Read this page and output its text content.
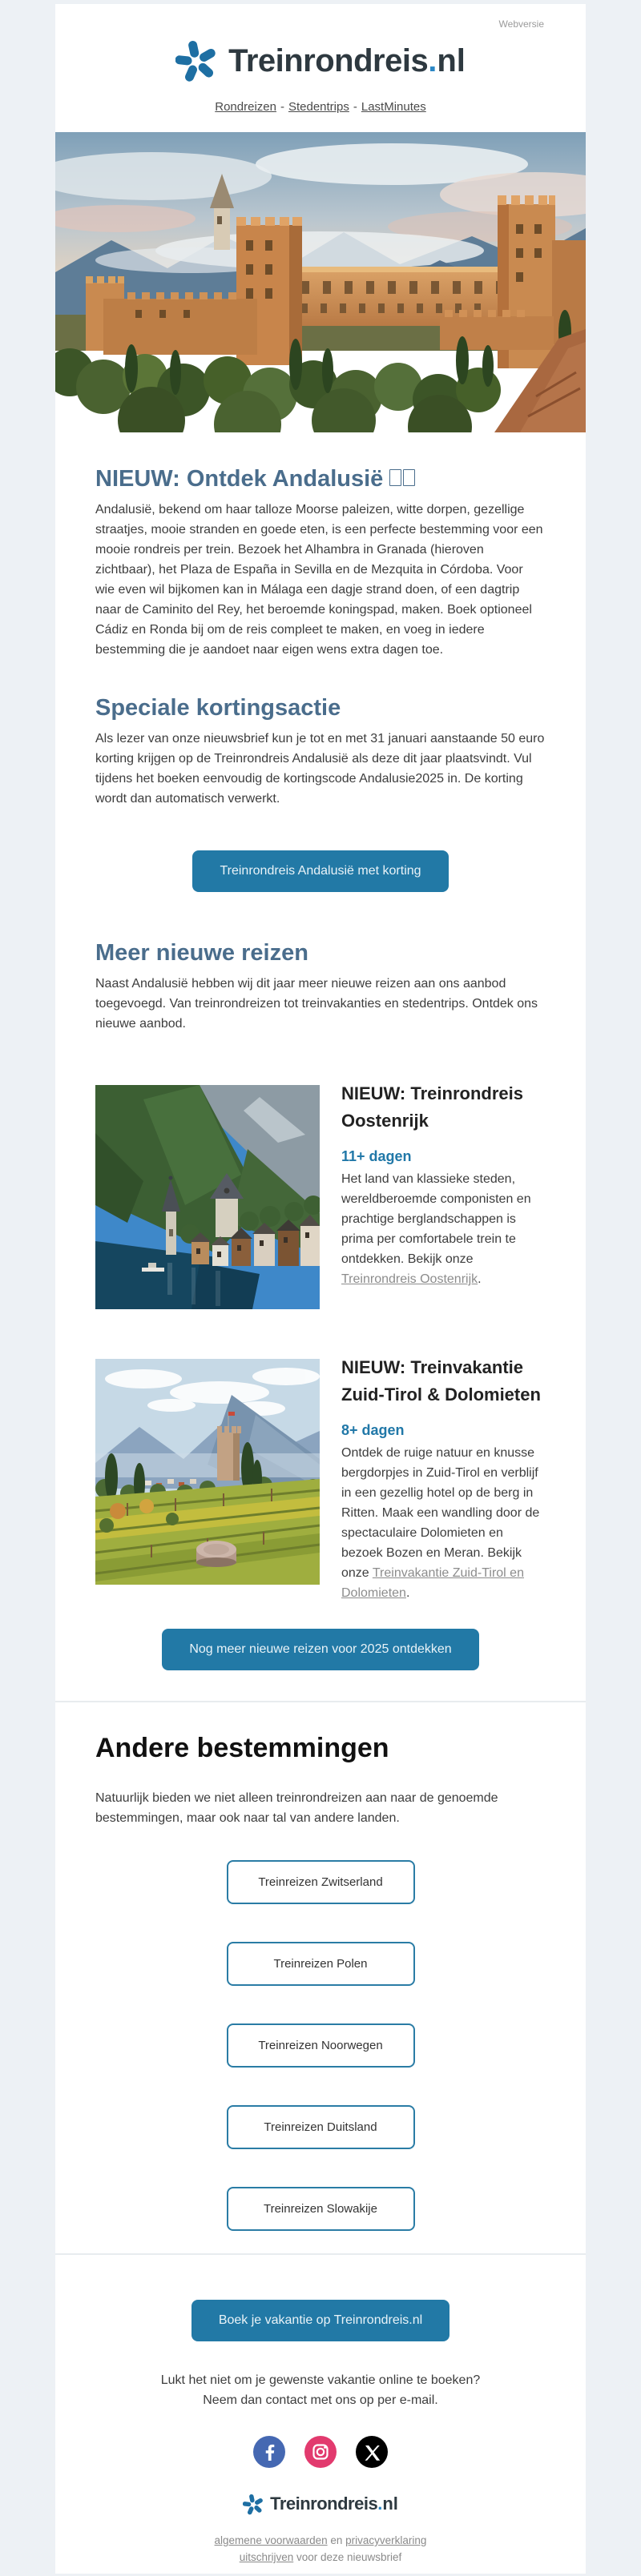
Webversie
Treinrondreis .nl
Rondreizen - Stedentrips - LastMinutes
NIEUW: Ontdek Andalusië

Andalusië, bekend om haar talloze Moorse paleizen, witte dorpen, gezellige straatjes, mooie stranden en goede eten, is een perfecte bestemming voor een mooie rondreis per trein. Bezoek het Alhambra in Granada (hieroven zichtbaar), het Plaza de España in Sevilla en de Mezquita in Córdoba. Voor wie even wil bijkomen kan in Málaga een dagje strand doen, of een dagtrip naar de Caminito del Rey, het beroemde koningspad, maken. Boek optioneel Cádiz en Ronda bij om de reis compleet te maken, en voeg in iedere bestemming die je aandoet naar eigen wens extra dagen toe.

Speciale kortingsactie

Als lezer van onze nieuwsbrief kun je tot en met 31 januari aanstaande 50 euro korting krijgen op de Treinrondreis Andalusië als deze dit jaar plaatsvindt. Vul tijdens het boeken eenvoudig de kortingscode Andalusie2025 in. De korting wordt dan automatisch verwerkt.

Treinrondreis Andalusië met korting
Meer nieuwe reizen

Naast Andalusië hebben wij dit jaar meer nieuwe reizen aan ons aanbod toegevoegd. Van treinrondreizen tot treinvakanties en stedentrips. Ontdek ons nieuwe aanbod.

NIEUW: Treinrondreis Oostenrijk
11+ dagen
Het land van klassieke steden, wereldberoemde componisten en prachtige berglandschappen is prima per comfortabele trein te ontdekken. Bekijk onze Treinrondreis Oostenrijk.
NIEUW: Treinvakantie Zuid-Tirol & Dolomieten
8+ dagen
Ontdek de ruige natuur en knusse bergdorpjes in Zuid-Tirol en verblijf in een gezellig hotel op de berg in Ritten. Maak een wandling door de spectaculaire Dolomieten en bezoek Bozen en Meran. Bekijk onze Treinvakantie Zuid-Tirol en Dolomieten.
Nog meer nieuwe reizen voor 2025 ontdekken
Andere bestemmingen

Natuurlijk bieden we niet alleen treinrondreizen aan naar de genoemde bestemmingen, maar ook naar tal van andere landen.

Treinreizen Zwitserland
Treinreizen Polen
Treinreizen Noorwegen
Treinreizen Duitsland
Treinreizen Slowakije
Boek je vakantie op Treinrondreis.nl
Lukt het niet om je gewenste vakantie online te boeken?
Neem dan contact met ons op per e-mail.
Treinrondreis .nl
algemene voorwaarden en privacyverklaring
uitschrijven voor deze nieuwsbrief
